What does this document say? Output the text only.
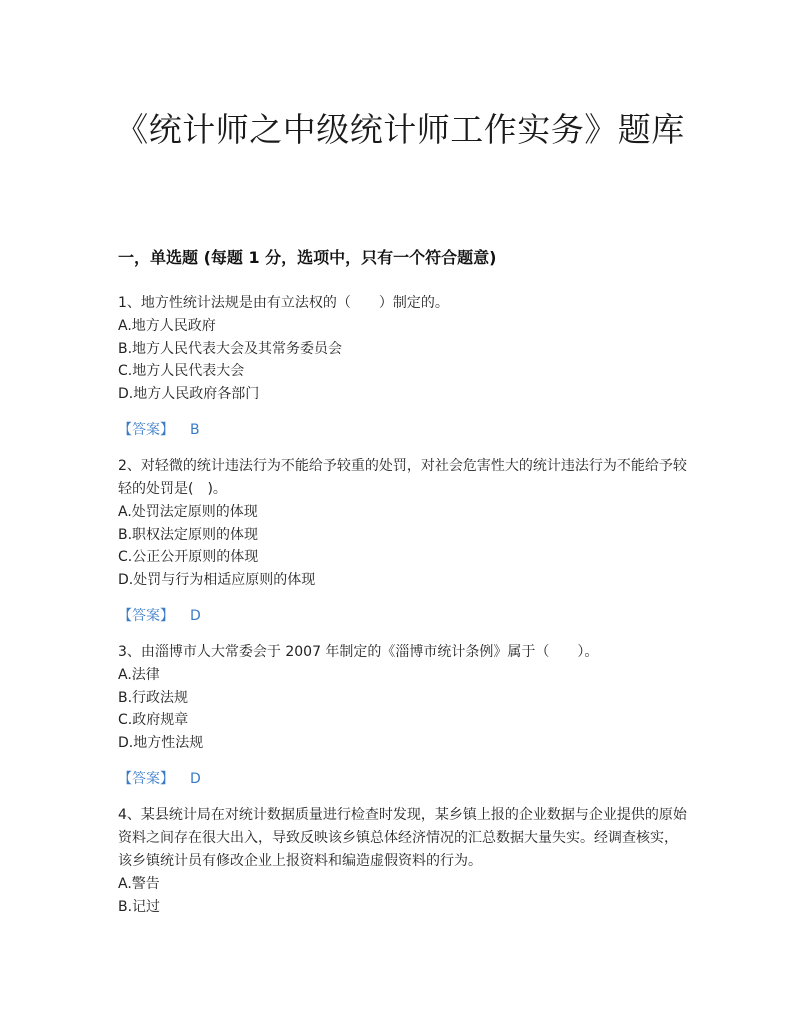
《统计师之中级统计师工作实务》题库
一，单选题 (每题 1 分，选项中，只有一个符合题意)

1、地方性统计法规是由有立法权的（　　）制定的。

A.地方人民政府
B.地方人民代表大会及其常务委员会
C.地方人民代表大会
D.地方人民政府各部门
【答案】 B

2、对轻微的统计违法行为不能给予较重的处罚，对社会危害性大的统计违法行为不能给予较轻的处罚是(　)。

A.处罚法定原则的体现
B.职权法定原则的体现
C.公正公开原则的体现
D.处罚与行为相适应原则的体现
【答案】 D

3、由淄博市人大常委会于 2007 年制定的《淄博市统计条例》属于（　　）。

A.法律
B.行政法规
C.政府规章
D.地方性法规
【答案】 D

4、某县统计局在对统计数据质量进行检查时发现，某乡镇上报的企业数据与企业提供的原始资料之间存在很大出入，导致反映该乡镇总体经济情况的汇总数据大量失实。经调查核实，该乡镇统计员有修改企业上报资料和编造虚假资料的行为。

A.警告
B.记过
